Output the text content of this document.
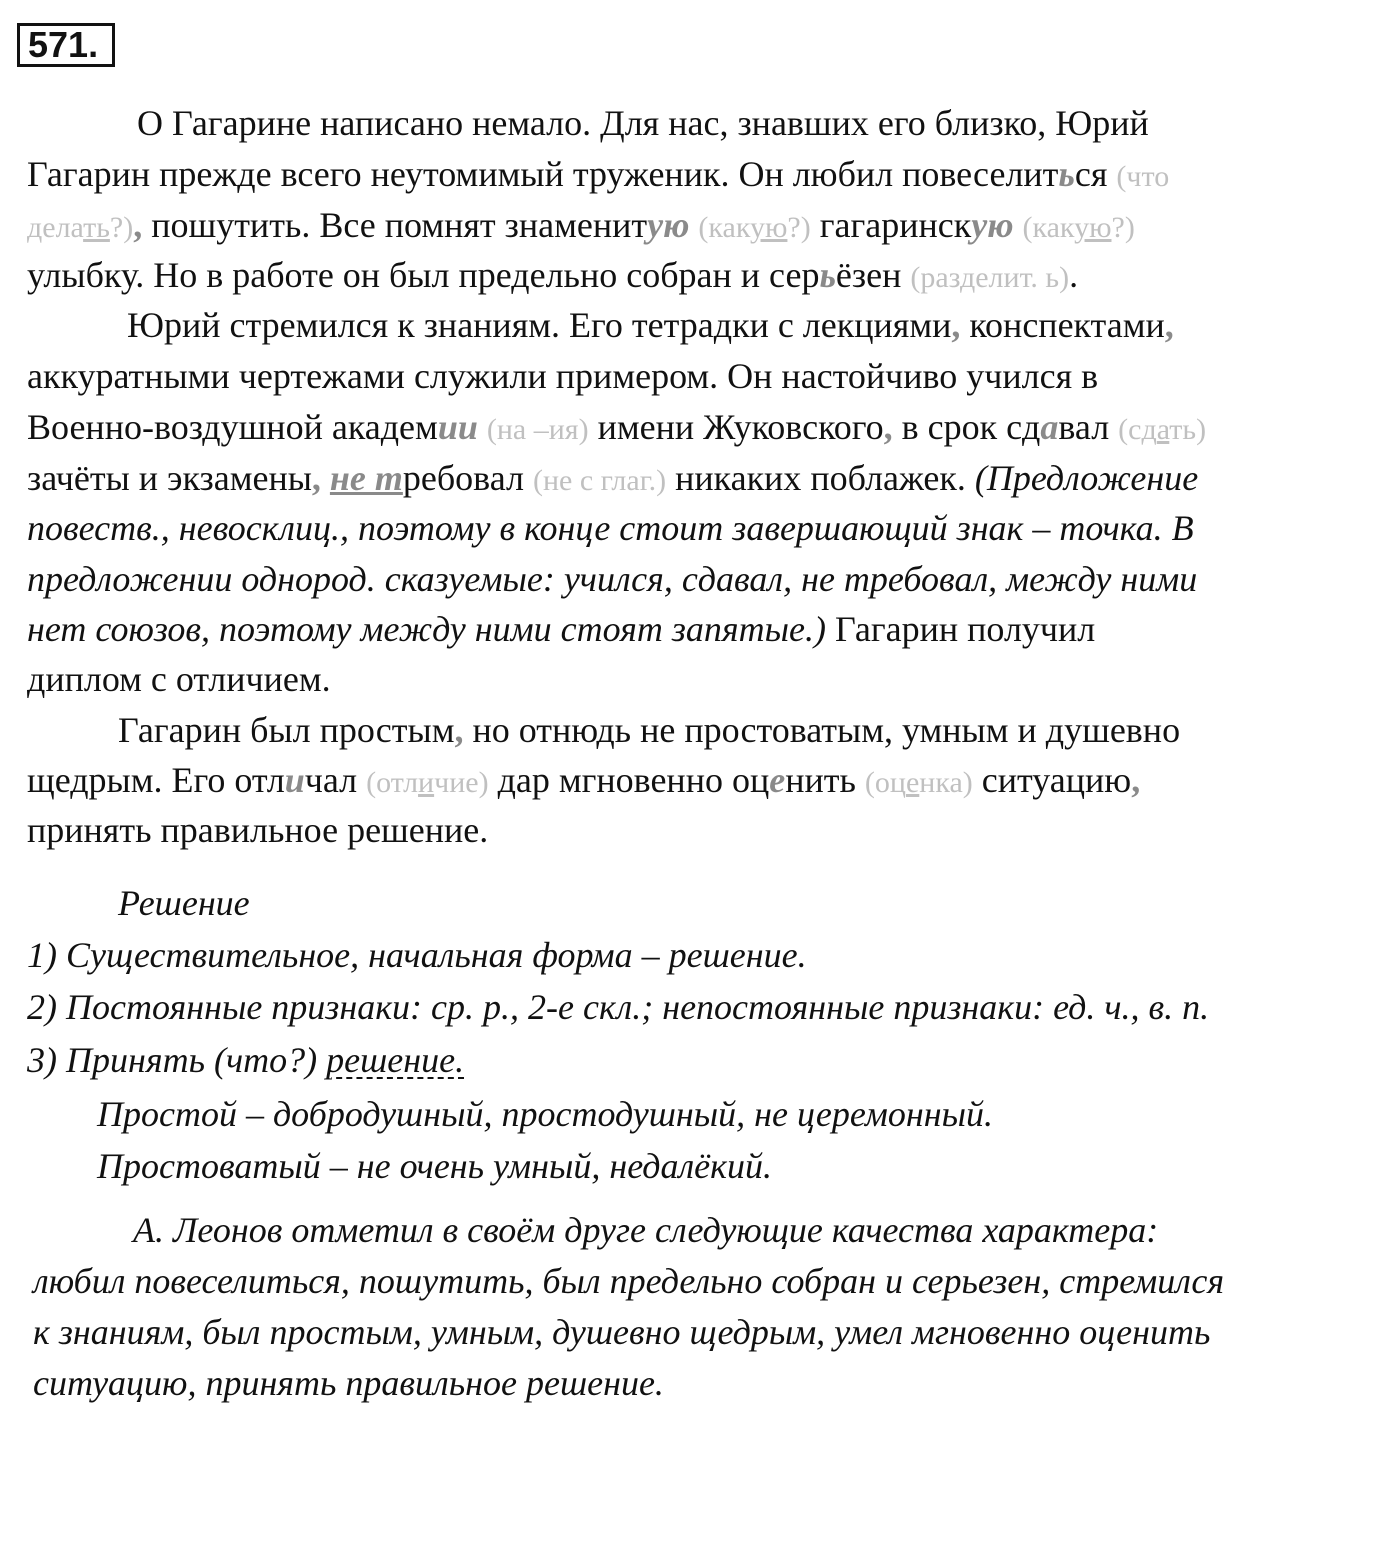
571.
О Гагарине написано немало. Для нас, знавших его близко, Юрий
Гагарин прежде всего неутомимый труженик. Он любил повеселиться (что
делать?), пошутить. Все помнят знаменитую (какую?) гагаринскую (какую?)
улыбку. Но в работе он был предельно собран и серьёзен (разделит. ь).
Юрий стремился к знаниям. Его тетрадки с лекциями, конспектами,
аккуратными чертежами служили примером. Он настойчиво учился в
Военно-воздушной академии (на –ия) имени Жуковского, в срок сдавал (сдать)
зачёты и экзамены, не требовал (не с глаг.) никаких поблажек. (Предложение
повеств., невосклиц., поэтому в конце стоит завершающий знак – точка. В
предложении однород. сказуемые: учился, сдавал, не требовал, между ними
нет союзов, поэтому между ними стоят запятые.) Гагарин получил
диплом с отличием.
Гагарин был простым, но отнюдь не простоватым, умным и душевно
щедрым. Его отличал (отличие) дар мгновенно оценить (оценка) ситуацию,
принять правильное решение.
Решение
1) Существительное, начальная форма – решение.
2) Постоянные признаки: ср. р., 2-е скл.; непостоянные признаки: ед. ч., в. п.
3) Принять (что?) решение.
Простой – добродушный, простодушный, не церемонный.
Простоватый – не очень умный, недалёкий.
А. Леонов отметил в своём друге следующие качества характера:
любил повеселиться, пошутить, был предельно собран и серьезен, стремился
к знаниям, был простым, умным, душевно щедрым, умел мгновенно оценить
ситуацию, принять правильное решение.
